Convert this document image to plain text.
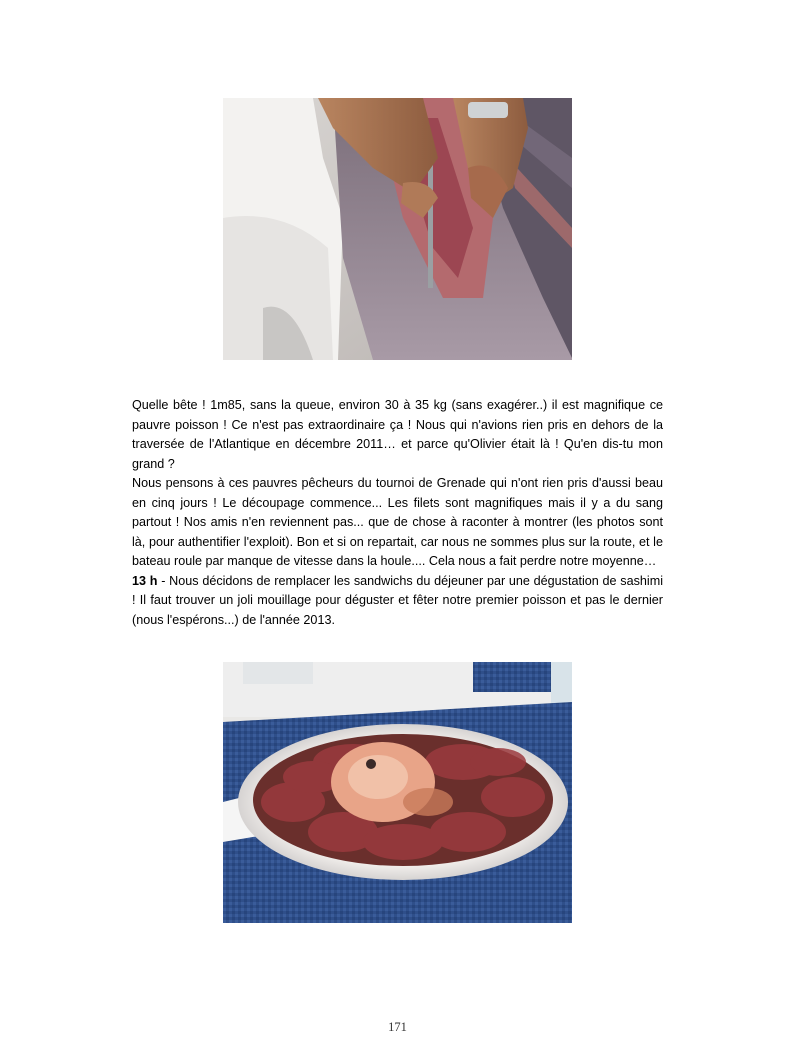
Quelle bête ! 1m85, sans la queue, environ 30 à 35 kg (sans exagérer..) il est magnifique ce pauvre poisson ! Ce n'est pas extraordinaire ça ! Nous qui n'avions rien pris en dehors de la traversée de l'Atlantique en décembre 2011… et parce qu'Olivier était là ! Qu'en dis-tu mon grand ?

Nous pensons à ces pauvres pêcheurs du tournoi de Grenade qui n'ont rien pris d'aussi beau en cinq jours ! Le découpage commence... Les filets sont magnifiques mais il y a du sang partout ! Nos amis n'en reviennent pas... que de chose à raconter à montrer (les photos sont là, pour authentifier l'exploit). Bon et si on repartait, car nous ne sommes plus sur la route, et le bateau roule par manque de vitesse dans la houle.... Cela nous a fait perdre notre moyenne…

13 h - Nous décidons de remplacer les sandwichs du déjeuner par une dégustation de sashimi ! Il faut trouver un joli mouillage pour déguster et fêter notre premier poisson et pas le dernier (nous l'espérons...) de l'année 2013.

171
